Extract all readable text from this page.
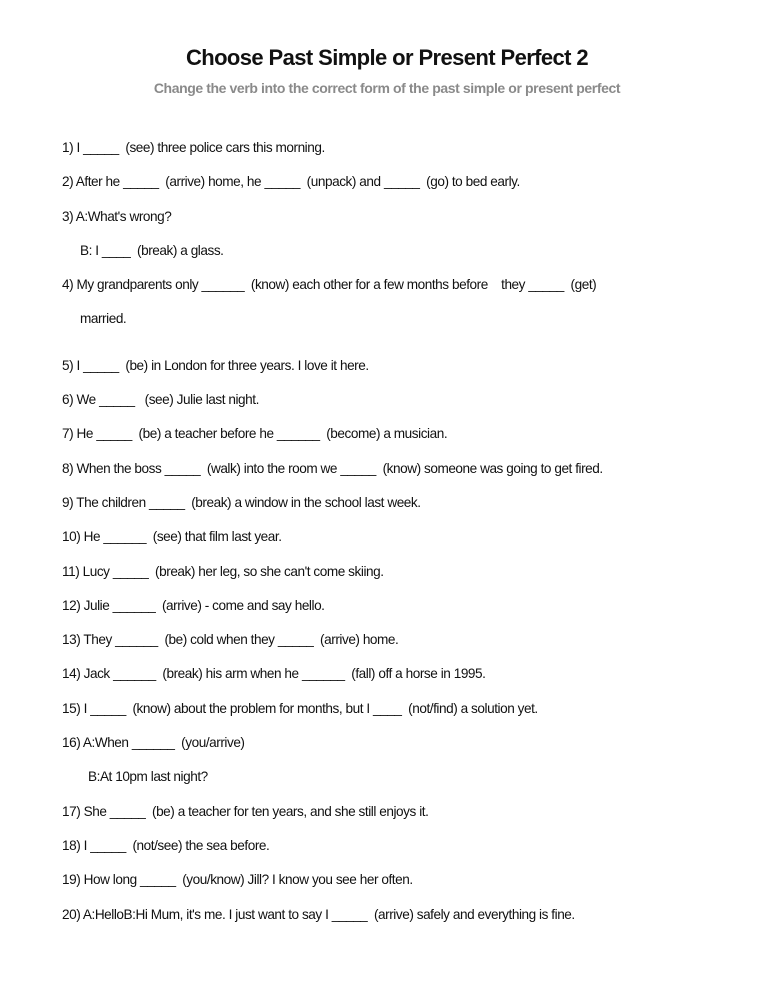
Choose Past Simple or Present Perfect 2
Change the verb into the correct form of the past simple or present perfect
1) I _____  (see) three police cars this morning.
2) After he _____  (arrive) home, he _____  (unpack) and _____  (go) to bed early.
3) A:What's wrong?
B: I ____  (break) a glass.
4) My grandparents only ______  (know) each other for a few months before    they _____  (get)
married.
5) I _____  (be) in London for three years. I love it here.
6) We _____   (see) Julie last night.
7) He _____  (be) a teacher before he ______  (become) a musician.
8) When the boss _____  (walk) into the room we _____  (know) someone was going to get fired.
9) The children _____  (break) a window in the school last week.
10) He ______  (see) that film last year.
11) Lucy _____  (break) her leg, so she can't come skiing.
12) Julie ______  (arrive) - come and say hello.
13) They ______  (be) cold when they _____  (arrive) home.
14) Jack ______  (break) his arm when he ______  (fall) off a horse in 1995.
15) I _____  (know) about the problem for months, but I ____  (not/find) a solution yet.
16) A:When ______  (you/arrive)
B:At 10pm last night?
17) She _____  (be) a teacher for ten years, and she still enjoys it.
18) I _____  (not/see) the sea before.
19) How long _____  (you/know) Jill? I know you see her often.
20) A:HelloB:Hi Mum, it's me. I just want to say I _____  (arrive) safely and everything is fine.
